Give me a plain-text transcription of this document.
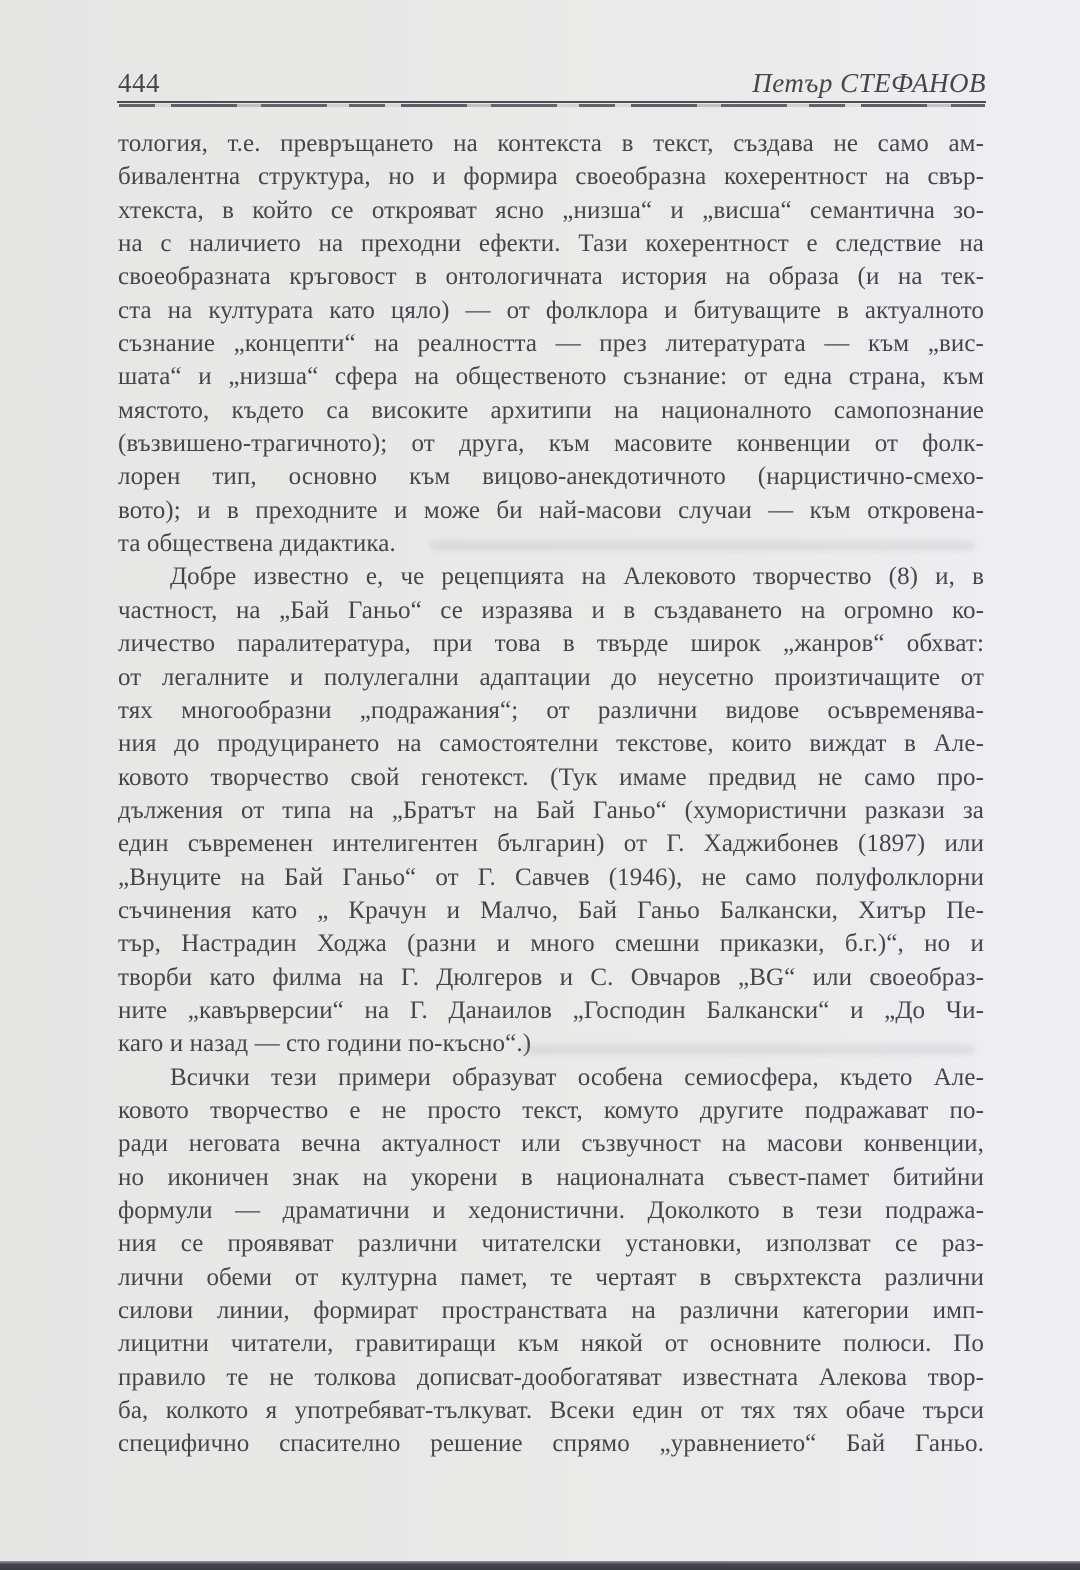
444	Петър СТЕФАНОВ
тология, т.е. превръщането на контекста в текст, създава не само ам-
бивалентна структура, но и формира своеобразна кохерентност на свър-
хтекста, в който се открояват ясно „низша“ и „висша“ семантична зо-
на с наличието на преходни ефекти. Тази кохерентност е следствие на
своеобразната кръговост в онтологичната история на образа (и на тек-
ста на културата като цяло) — от фолклора и битуващите в актуалното
съзнание „концепти“ на реалността — през литературата — към „вис-
шата“ и „низша“ сфера на общественото съзнание: от една страна, към
мястото, където са високите архитипи на националното самопознание
(възвишено-трагичното); от друга, към масовите конвенции от фолк-
лорен тип, основно към вицово-анекдотичното (нарцистично-смехо-
вото); и в преходните и може би най-масови случаи — към откровена-
та обществена дидактика.
Добре известно е, че рецепцията на Алековото творчество (8) и, в
частност, на „Бай Ганьо“ се изразява и в създаването на огромно ко-
личество паралитература, при това в твърде широк „жанров“ обхват:
от легалните и полулегални адаптации до неусетно произтичащите от
тях многообразни „подражания“; от различни видове осъвременява-
ния до продуцирането на самостоятелни текстове, които виждат в Але-
ковото творчество свой генотекст. (Тук имаме предвид не само про-
дължения от типа на „Братът на Бай Ганьо“ (хумористични разкази за
един съвременен интелигентен българин) от Г. Хаджибонев (1897) или
„Внуците на Бай Ганьо“ от Г. Савчев (1946), не само полуфолклорни
съчинения като „ Крачун и Малчо, Бай Ганьо Балкански, Хитър Пе-
тър, Настрадин Ходжа (разни и много смешни приказки, б.г.)“, но и
творби като филма на Г. Дюлгеров и С. Овчаров „BG“ или своеобраз-
ните „кавърверсии“ на Г. Данаилов „Господин Балкански“ и „До Чи-
каго и назад — сто години по-късно“.)
Всички тези примери образуват особена семиосфера, където Але-
ковото творчество е не просто текст, комуто другите подражават по-
ради неговата вечна актуалност или съзвучност на масови конвенции,
но иконичен знак на укорени в националната съвест-памет битийни
формули — драматични и хедонистични. Доколкото в тези подража-
ния се проявяват различни читателски установки, използват се раз-
лични обеми от културна памет, те чертаят в свърхтекста различни
силови линии, формират пространствата на различни категории имп-
лицитни читатели, гравитиращи към някой от основните полюси. По
правило те не толкова дописват-дообогатяват известната Алекова твор-
ба, колкото я употребяват-тълкуват. Всеки един от тях тях обаче търси
специфично спасително решение спрямо „уравнението“ Бай Ганьо.
